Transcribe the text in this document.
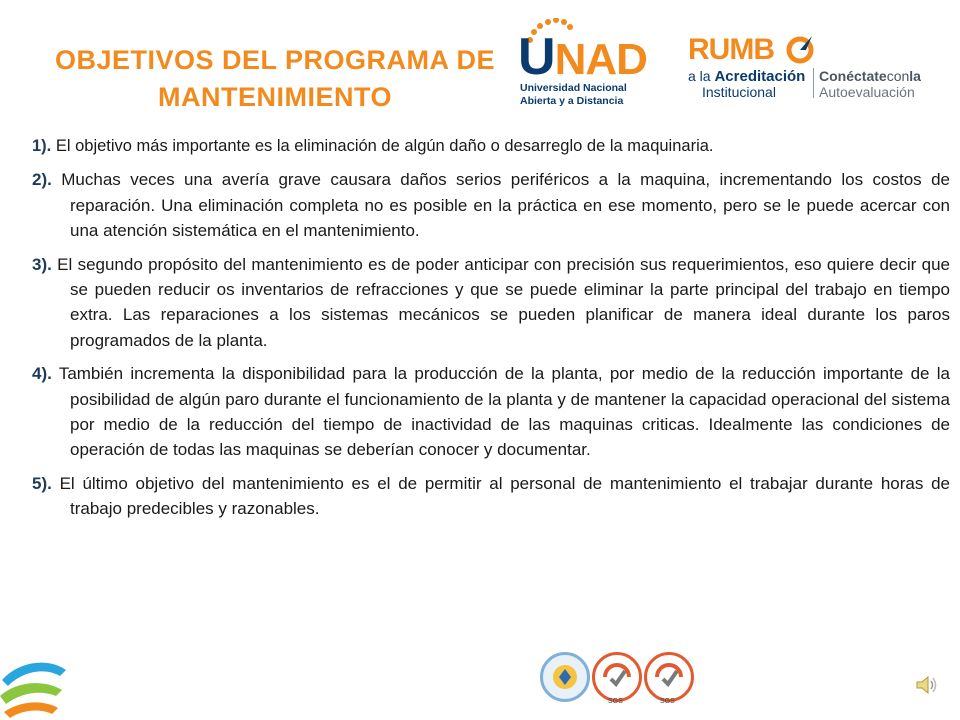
OBJETIVOS DEL PROGRAMA DE
MANTENIMIENTO
UNAD
Universidad Nacional
Abierta y a Distancia
RUMB
a la Acreditación
Institucional
Conéctateconla
Autoevaluación

1). El objetivo más importante es la eliminación de algún daño o desarreglo de la maquinaria.

2). Muchas veces una avería grave causara daños serios periféricos a la maquina, incrementando los costos de reparación. Una eliminación completa no es posible en la práctica en ese momento, pero se le puede acercar con una atención sistemática en el mantenimiento.

3). El segundo propósito del mantenimiento es de poder anticipar con precisión sus requerimientos, eso quiere decir que se pueden reducir os inventarios de refracciones y que se puede eliminar la parte principal del trabajo en tiempo extra. Las reparaciones a los sistemas mecánicos se pueden planificar de manera ideal durante los paros programados de la planta.

4). También incrementa la disponibilidad para la producción de la planta, por medio de la reducción importante de la posibilidad de algún paro durante el funcionamiento de la planta y de mantener la capacidad operacional del sistema por medio de la reducción del tiempo de inactividad de las maquinas criticas. Idealmente las condiciones de operación de todas las maquinas se deberían conocer y documentar.

5). El último objetivo del mantenimiento es el de permitir al personal de mantenimiento el trabajar durante horas de trabajo predecibles y razonables.

SGS	SGS
